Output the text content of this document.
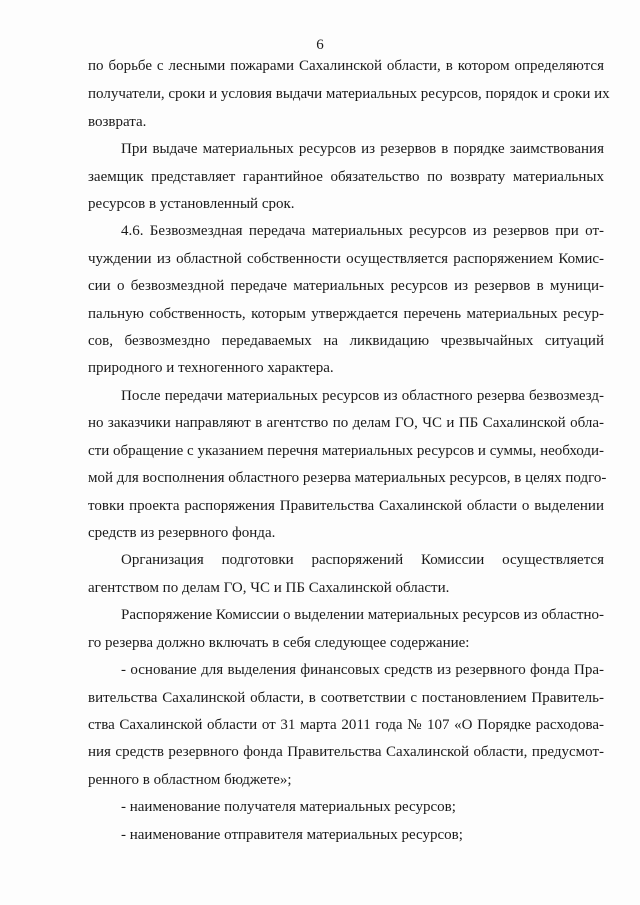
6
по борьбе с лесными пожарами Сахалинской области, в котором определяются
получатели, сроки и условия выдачи материальных ресурсов, порядок и сроки их
возврата.
При выдаче материальных ресурсов из резервов в порядке заимствования
заемщик представляет гарантийное обязательство по возврату материальных
ресурсов в установленный срок.
4.6. Безвозмездная передача материальных ресурсов из резервов при от-
чуждении из областной собственности осуществляется распоряжением Комис-
сии о безвозмездной передаче материальных ресурсов из резервов в муници-
пальную собственность, которым утверждается перечень материальных ресур-
сов, безвозмездно передаваемых на ликвидацию чрезвычайных ситуаций
природного и техногенного характера.
После передачи материальных ресурсов из областного резерва безвозмезд-
но заказчики направляют в агентство по делам ГО, ЧС и ПБ Сахалинской обла-
сти обращение с указанием перечня материальных ресурсов и суммы, необходи-
мой для восполнения областного резерва материальных ресурсов, в целях подго-
товки проекта распоряжения Правительства Сахалинской области о выделении
средств из резервного фонда.
Организация подготовки распоряжений Комиссии осуществляется
агентством по делам ГО, ЧС и ПБ Сахалинской области.
Распоряжение Комиссии о выделении материальных ресурсов из областно-
го резерва должно включать в себя следующее содержание:
- основание для выделения финансовых средств из резервного фонда Пра-
вительства Сахалинской области, в соответствии с постановлением Правитель-
ства Сахалинской области от 31 марта 2011 года № 107 «О Порядке расходова-
ния средств резервного фонда Правительства Сахалинской области, предусмот-
ренного в областном бюджете»;
- наименование получателя материальных ресурсов;
- наименование отправителя материальных ресурсов;
